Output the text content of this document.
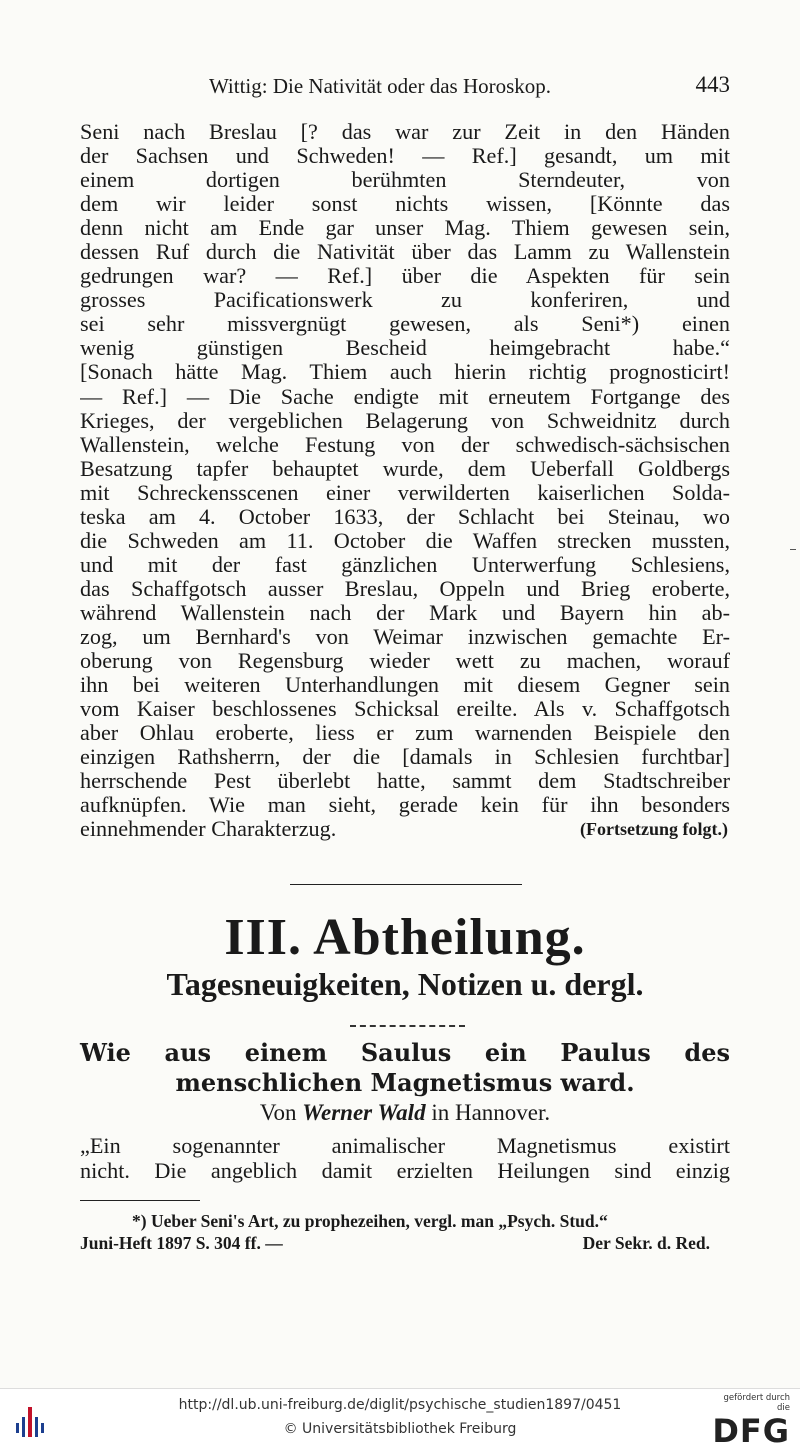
Wittig: Die Nativität oder das Horoskop.	443
Seni nach Breslau [? das war zur Zeit in den Händen
der Sachsen und Schweden! — Ref.] gesandt, um mit
einem dortigen berühmten Sterndeuter, von
dem wir leider sonst nichts wissen, [Könnte das
denn nicht am Ende gar unser Mag. Thiem gewesen sein,
dessen Ruf durch die Nativität über das Lamm zu Wallenstein
gedrungen war? — Ref.] über die Aspekten für sein
grosses Pacificationswerk zu konferiren, und
sei sehr missvergnügt gewesen, als Seni*) einen
wenig günstigen Bescheid heimgebracht habe.“
[Sonach hätte Mag. Thiem auch hierin richtig prognosticirt!
— Ref.] — Die Sache endigte mit erneutem Fortgange des
Krieges, der vergeblichen Belagerung von Schweidnitz durch
Wallenstein, welche Festung von der schwedisch-sächsischen
Besatzung tapfer behauptet wurde, dem Ueberfall Goldbergs
mit Schreckensscenen einer verwilderten kaiserlichen Solda-
teska am 4. October 1633, der Schlacht bei Steinau, wo
die Schweden am 11. October die Waffen strecken mussten,
und mit der fast gänzlichen Unterwerfung Schlesiens,
das Schaffgotsch ausser Breslau, Oppeln und Brieg eroberte,
während Wallenstein nach der Mark und Bayern hin ab-
zog, um Bernhard's von Weimar inzwischen gemachte Er-
oberung von Regensburg wieder wett zu machen, worauf
ihn bei weiteren Unterhandlungen mit diesem Gegner sein
vom Kaiser beschlossenes Schicksal ereilte. Als v. Schaffgotsch
aber Ohlau eroberte, liess er zum warnenden Beispiele den
einzigen Rathsherrn, der die [damals in Schlesien furchtbar]
herrschende Pest überlebt hatte, sammt dem Stadtschreiber
aufknüpfen. Wie man sieht, gerade kein für ihn besonders
einnehmender Charakterzug.	(Fortsetzung folgt.)
III. Abtheilung.
Tagesneuigkeiten, Notizen u. dergl.
Wie aus einem Saulus ein Paulus des
menschlichen Magnetismus ward.
Von Werner Wald in Hannover.
„Ein sogenannter animalischer Magnetismus existirt
nicht. Die angeblich damit erzielten Heilungen sind einzig
*) Ueber Seni's Art, zu prophezeihen, vergl. man „Psych. Stud.“
Juni-Heft 1897 S. 304 ff. —	Der Sekr. d. Red.
http://dl.ub.uni-freiburg.de/diglit/psychische_studien1897/0451
© Universitätsbibliothek Freiburg
gefördert durch die
DFG
